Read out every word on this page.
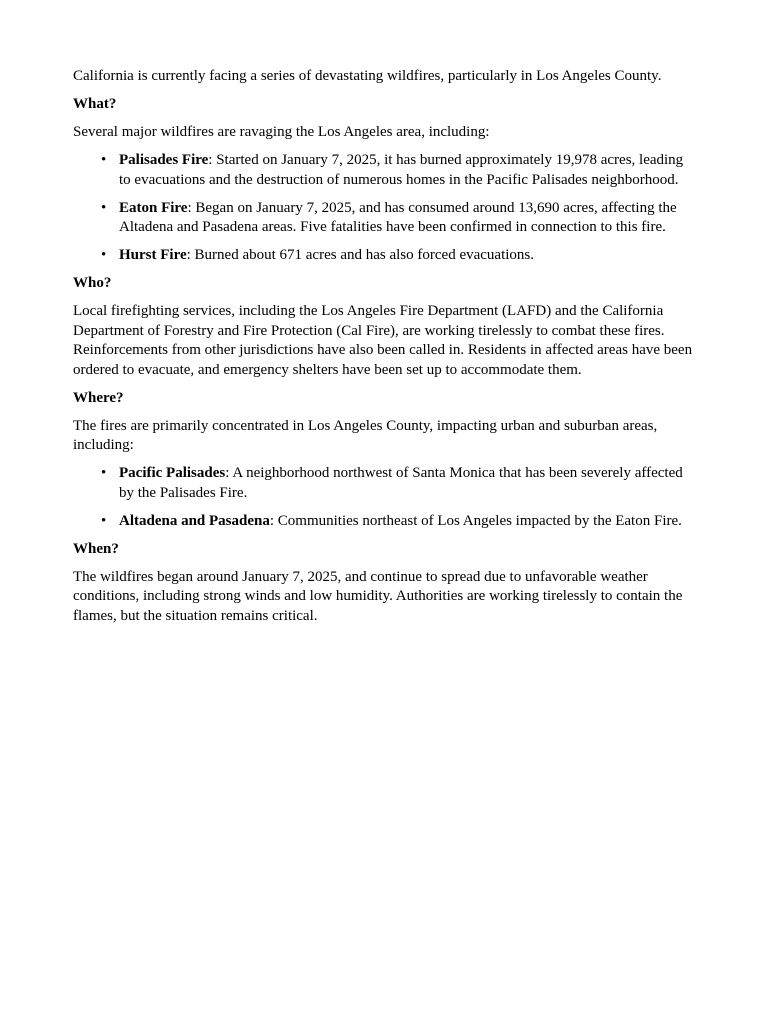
California is currently facing a series of devastating wildfires, particularly in Los Angeles County.

What?

Several major wildfires are ravaging the Los Angeles area, including:

• Palisades Fire: Started on January 7, 2025, it has burned approximately 19,978 acres, leading to evacuations and the destruction of numerous homes in the Pacific Palisades neighborhood.
• Eaton Fire: Began on January 7, 2025, and has consumed around 13,690 acres, affecting the Altadena and Pasadena areas. Five fatalities have been confirmed in connection to this fire.
• Hurst Fire: Burned about 671 acres and has also forced evacuations.

Who?

Local firefighting services, including the Los Angeles Fire Department (LAFD) and the California Department of Forestry and Fire Protection (Cal Fire), are working tirelessly to combat these fires. Reinforcements from other jurisdictions have also been called in. Residents in affected areas have been ordered to evacuate, and emergency shelters have been set up to accommodate them.

Where?

The fires are primarily concentrated in Los Angeles County, impacting urban and suburban areas, including:

• Pacific Palisades: A neighborhood northwest of Santa Monica that has been severely affected by the Palisades Fire.
• Altadena and Pasadena: Communities northeast of Los Angeles impacted by the Eaton Fire.

When?

The wildfires began around January 7, 2025, and continue to spread due to unfavorable weather conditions, including strong winds and low humidity. Authorities are working tirelessly to contain the flames, but the situation remains critical.
